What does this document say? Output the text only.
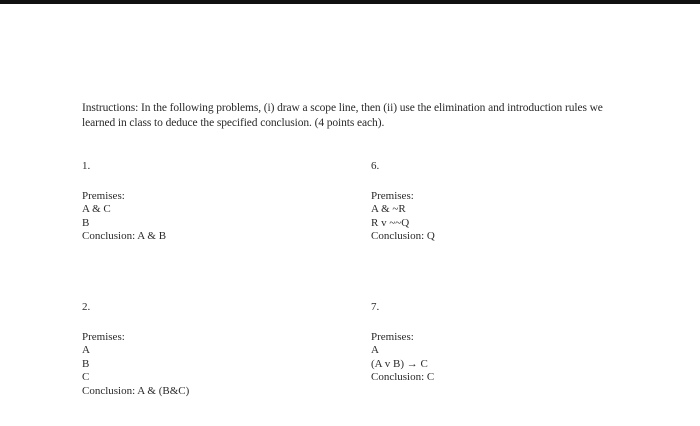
Instructions: In the following problems, (i) draw a scope line, then (ii) use the elimination and introduction rules we learned in class to deduce the specified conclusion. (4 points each).
1.
Premises:
A & C
B
Conclusion: A & B
6.
Premises:
A & ~R
R v ~~Q
Conclusion: Q
2.
Premises:
A
B
C
Conclusion: A & (B&C)
7.
Premises:
A
(A v B) → C
Conclusion: C
